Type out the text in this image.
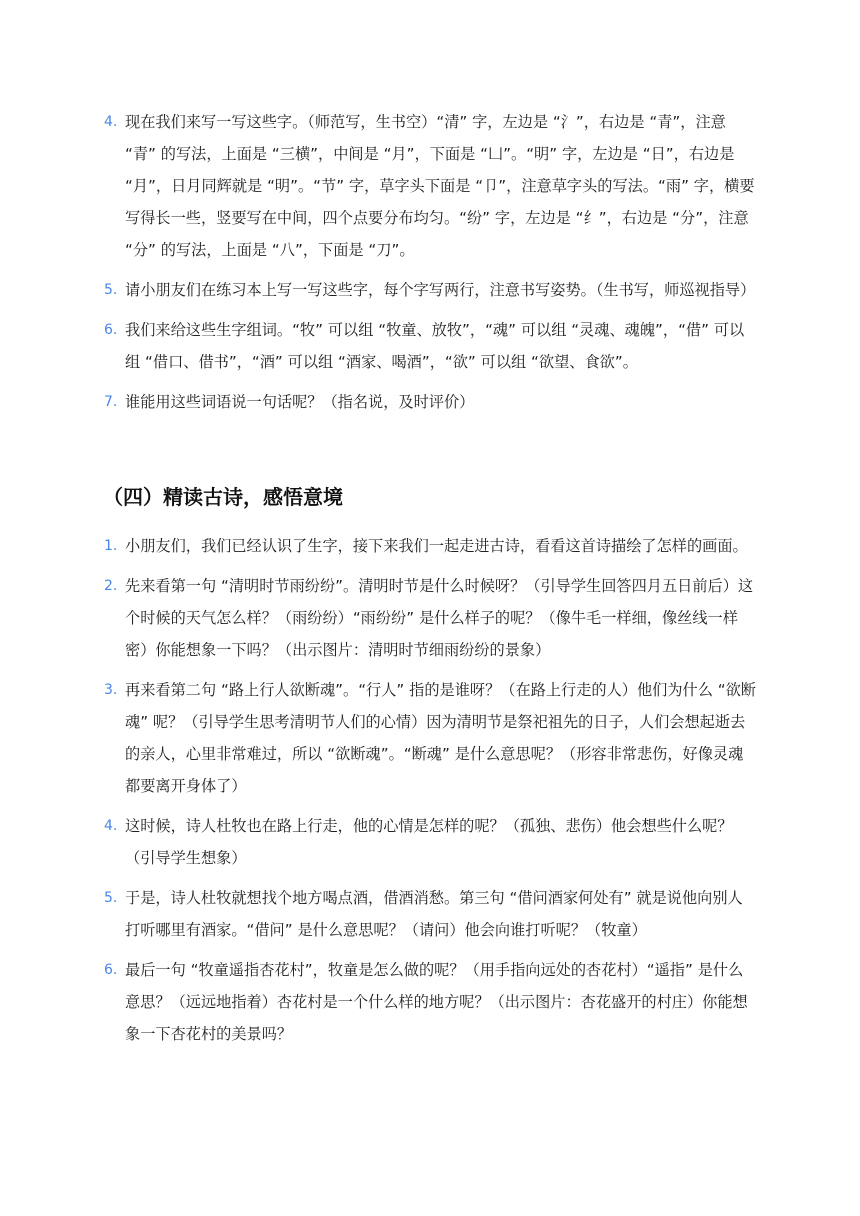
4. 现在我们来写一写这些字。（师范写，生书空）“清” 字，左边是 “氵”，右边是 “青”，注意 “青” 的写法，上面是 “三横”，中间是 “月”，下面是 “凵”。“明” 字，左边是 “日”，右边是 “月”，日月同辉就是 “明”。“节” 字，草字头下面是 “卩”，注意草字头的写法。“雨” 字，横要写得长一些，竖要写在中间，四个点要分布均匀。“纷” 字，左边是 “纟”，右边是 “分”，注意 “分” 的写法，上面是 “八”，下面是 “刀”。
5. 请小朋友们在练习本上写一写这些字，每个字写两行，注意书写姿势。（生书写，师巡视指导）
6. 我们来给这些生字组词。“牧” 可以组 “牧童、放牧”，“魂” 可以组 “灵魂、魂魄”，“借” 可以组 “借口、借书”，“酒” 可以组 “酒家、喝酒”，“欲” 可以组 “欲望、食欲”。
7. 谁能用这些词语说一句话呢？（指名说，及时评价）
（四）精读古诗，感悟意境
1. 小朋友们，我们已经认识了生字，接下来我们一起走进古诗，看看这首诗描绘了怎样的画面。
2. 先来看第一句 “清明时节雨纷纷”。清明时节是什么时候呀？（引导学生回答四月五日前后）这个时候的天气怎么样？（雨纷纷）“雨纷纷” 是什么样子的呢？（像牛毛一样细，像丝线一样密）你能想象一下吗？（出示图片：清明时节细雨纷纷的景象）
3. 再来看第二句 “路上行人欲断魂”。“行人” 指的是谁呀？（在路上行走的人）他们为什么 “欲断魂” 呢？（引导学生思考清明节人们的心情）因为清明节是祭祀祖先的日子，人们会想起逝去的亲人，心里非常难过，所以 “欲断魂”。“断魂” 是什么意思呢？（形容非常悲伤，好像灵魂都要离开身体了）
4. 这时候，诗人杜牧也在路上行走，他的心情是怎样的呢？（孤独、悲伤）他会想些什么呢？（引导学生想象）
5. 于是，诗人杜牧就想找个地方喝点酒，借酒消愁。第三句 “借问酒家何处有” 就是说他向别人打听哪里有酒家。“借问” 是什么意思呢？（请问）他会向谁打听呢？（牧童）
6. 最后一句 “牧童遥指杏花村”，牧童是怎么做的呢？（用手指向远处的杏花村）“遥指” 是什么意思？（远远地指着）杏花村是一个什么样的地方呢？（出示图片：杏花盛开的村庄）你能想象一下杏花村的美景吗？
